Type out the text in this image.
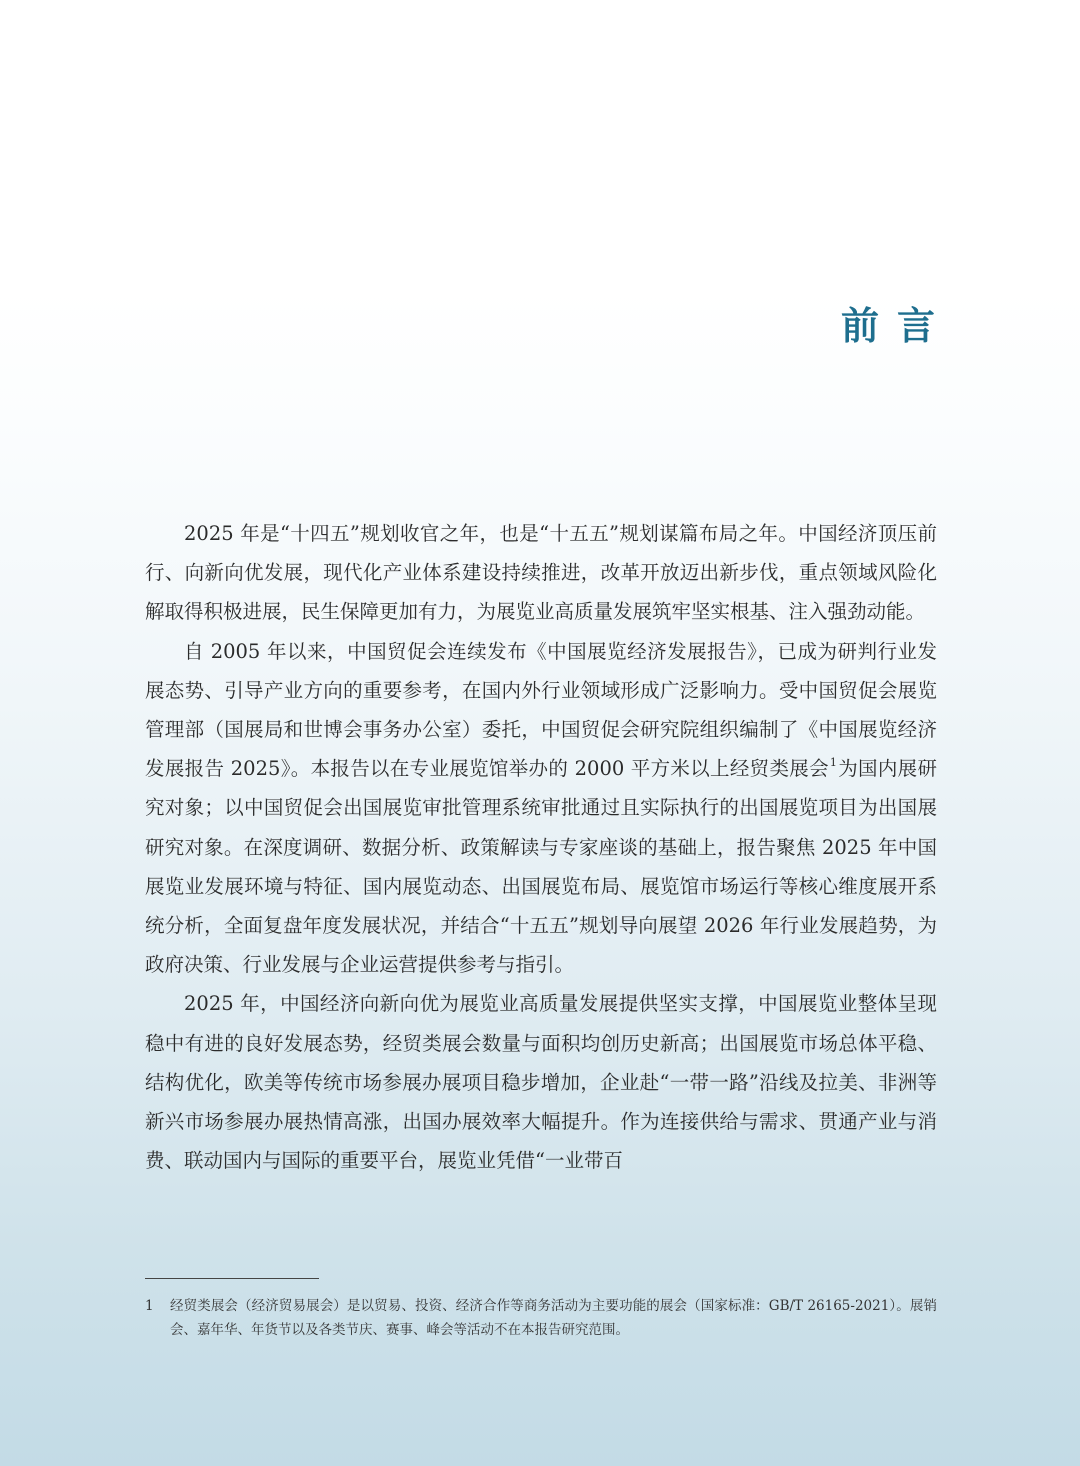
前言

2025 年是“十四五”规划收官之年，也是“十五五”规划谋篇布局之年。中国经济顶压前行、向新向优发展，现代化产业体系建设持续推进，改革开放迈出新步伐，重点领域风险化解取得积极进展，民生保障更加有力，为展览业高质量发展筑牢坚实根基、注入强劲动能。

自 2005 年以来，中国贸促会连续发布《中国展览经济发展报告》，已成为研判行业发展态势、引导产业方向的重要参考，在国内外行业领域形成广泛影响力。受中国贸促会展览管理部（国展局和世博会事务办公室）委托，中国贸促会研究院组织编制了《中国展览经济发展报告 2025》。本报告以在专业展览馆举办的 2000 平方米以上经贸类展会$^1$为国内展研究对象；以中国贸促会出国展览审批管理系统审批通过且实际执行的出国展览项目为出国展研究对象。在深度调研、数据分析、政策解读与专家座谈的基础上，报告聚焦 2025 年中国展览业发展环境与特征、国内展览动态、出国展览布局、展览馆市场运行等核心维度展开系统分析，全面复盘年度发展状况，并结合“十五五”规划导向展望 2026 年行业发展趋势，为政府决策、行业发展与企业运营提供参考与指引。

2025 年，中国经济向新向优为展览业高质量发展提供坚实支撑，中国展览业整体呈现稳中有进的良好发展态势，经贸类展会数量与面积均创历史新高；出国展览市场总体平稳、结构优化，欧美等传统市场参展办展项目稳步增加，企业赴“一带一路”沿线及拉美、非洲等新兴市场参展办展热情高涨，出国办展效率大幅提升。作为连接供给与需求、贯通产业与消费、联动国内与国际的重要平台，展览业凭借“一业带百

1	经贸类展会（经济贸易展会）是以贸易、投资、经济合作等商务活动为主要功能的展会（国家标准：GB/T 26165-2021）。展销会、嘉年华、年货节以及各类节庆、赛事、峰会等活动不在本报告研究范围。
